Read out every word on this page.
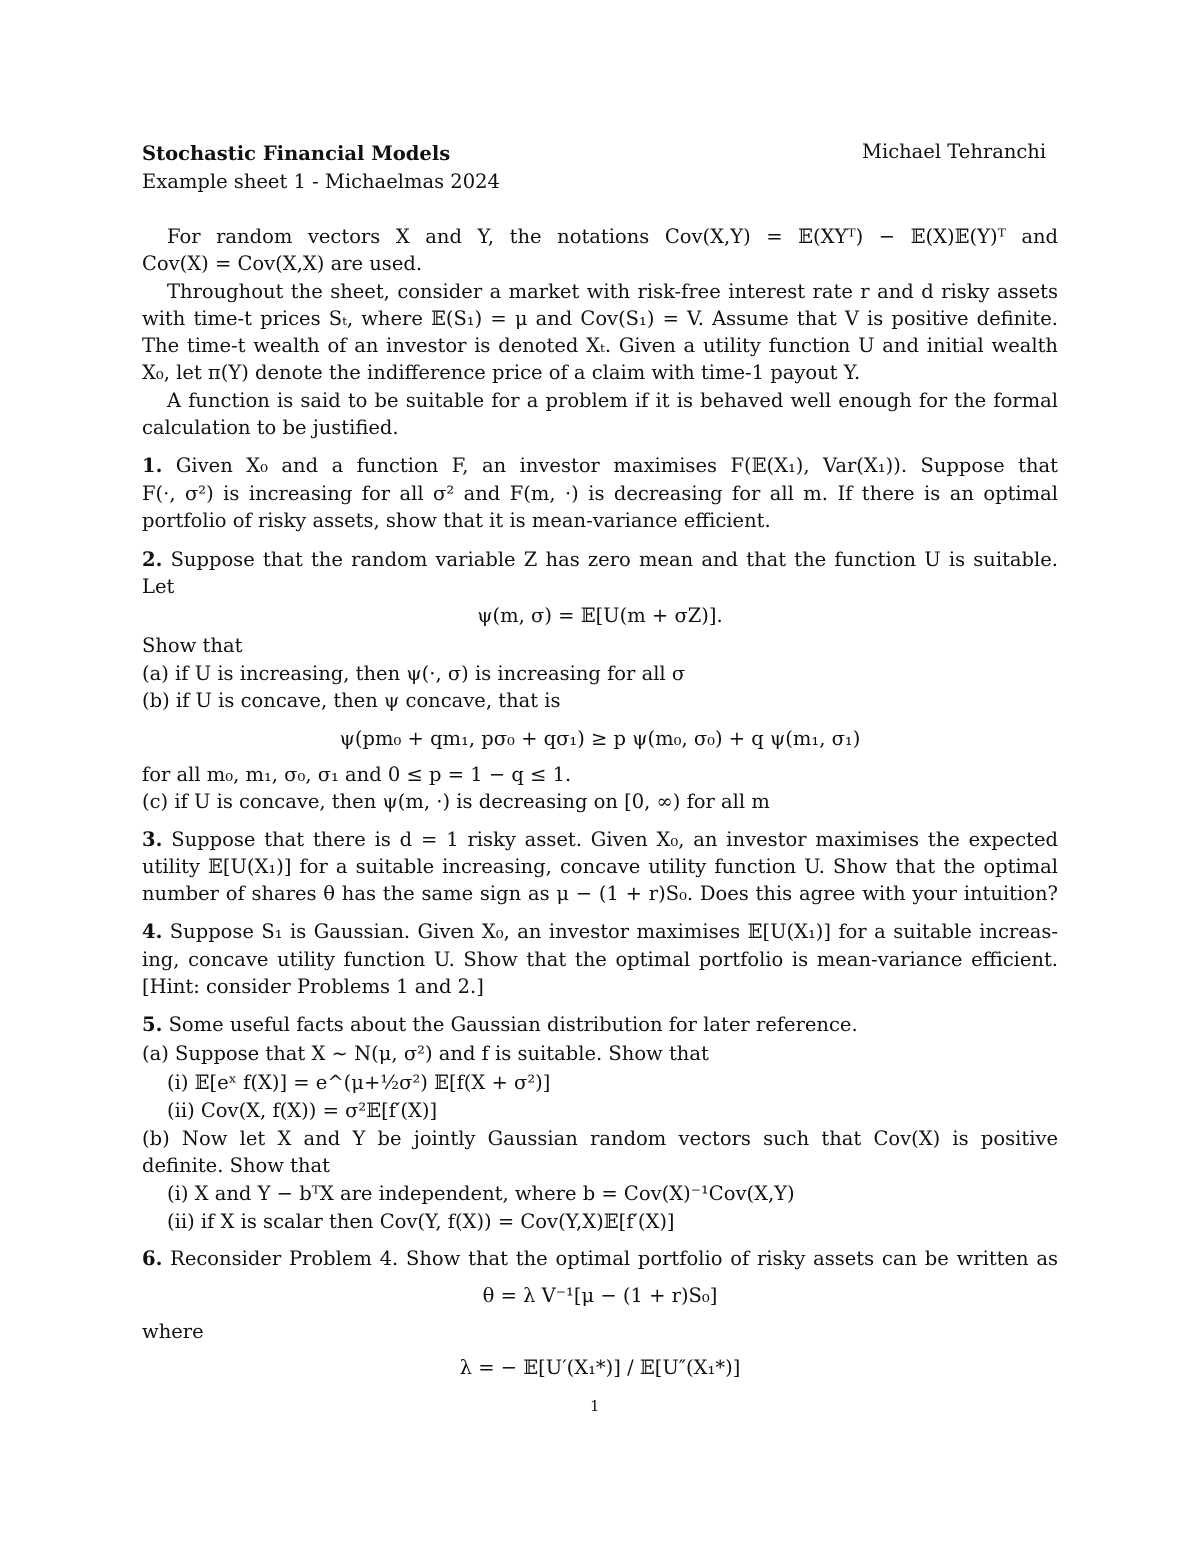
Stochastic Financial Models	Michael Tehranchi
Example sheet 1 - Michaelmas 2024
For random vectors X and Y, the notations Cov(X,Y) = 𝔼(XYᵀ) − 𝔼(X)𝔼(Y)ᵀ and
Cov(X) = Cov(X,X) are used.
Throughout the sheet, consider a market with risk-free interest rate r and d risky assets
with time-t prices Sₜ, where 𝔼(S₁) = μ and Cov(S₁) = V. Assume that V is positive definite.
The time-t wealth of an investor is denoted Xₜ. Given a utility function U and initial wealth
X₀, let π(Y) denote the indifference price of a claim with time-1 payout Y.
A function is said to be suitable for a problem if it is behaved well enough for the formal
calculation to be justified.
1. Given X₀ and a function F, an investor maximises F(𝔼(X₁), Var(X₁)). Suppose that
F(·, σ²) is increasing for all σ² and F(m, ·) is decreasing for all m. If there is an optimal
portfolio of risky assets, show that it is mean-variance efficient.
2. Suppose that the random variable Z has zero mean and that the function U is suitable.
Let
ψ(m, σ) = 𝔼[U(m + σZ)].
Show that
(a) if U is increasing, then ψ(·, σ) is increasing for all σ
(b) if U is concave, then ψ concave, that is
ψ(pm₀ + qm₁, pσ₀ + qσ₁) ≥ p ψ(m₀, σ₀) + q ψ(m₁, σ₁)
for all m₀, m₁, σ₀, σ₁ and 0 ≤ p = 1 − q ≤ 1.
(c) if U is concave, then ψ(m, ·) is decreasing on [0, ∞) for all m
3. Suppose that there is d = 1 risky asset. Given X₀, an investor maximises the expected
utility 𝔼[U(X₁)] for a suitable increasing, concave utility function U. Show that the optimal
number of shares θ has the same sign as μ − (1 + r)S₀. Does this agree with your intuition?
4. Suppose S₁ is Gaussian. Given X₀, an investor maximises 𝔼[U(X₁)] for a suitable increas-
ing, concave utility function U. Show that the optimal portfolio is mean-variance efficient.
[Hint: consider Problems 1 and 2.]
5. Some useful facts about the Gaussian distribution for later reference.
(a) Suppose that X ∼ N(μ, σ²) and f is suitable. Show that
(i) 𝔼[eˣ f(X)] = e^(μ+½σ²) 𝔼[f(X + σ²)]
(ii) Cov(X, f(X)) = σ²𝔼[f′(X)]
(b) Now let X and Y be jointly Gaussian random vectors such that Cov(X) is positive
definite. Show that
(i) X and Y − bᵀX are independent, where b = Cov(X)⁻¹Cov(X,Y)
(ii) if X is scalar then Cov(Y, f(X)) = Cov(Y,X)𝔼[f′(X)]
6. Reconsider Problem 4. Show that the optimal portfolio of risky assets can be written as
θ = λ V⁻¹[μ − (1 + r)S₀]
where
λ = − 𝔼[U′(X₁*)] / 𝔼[U″(X₁*)]
1
